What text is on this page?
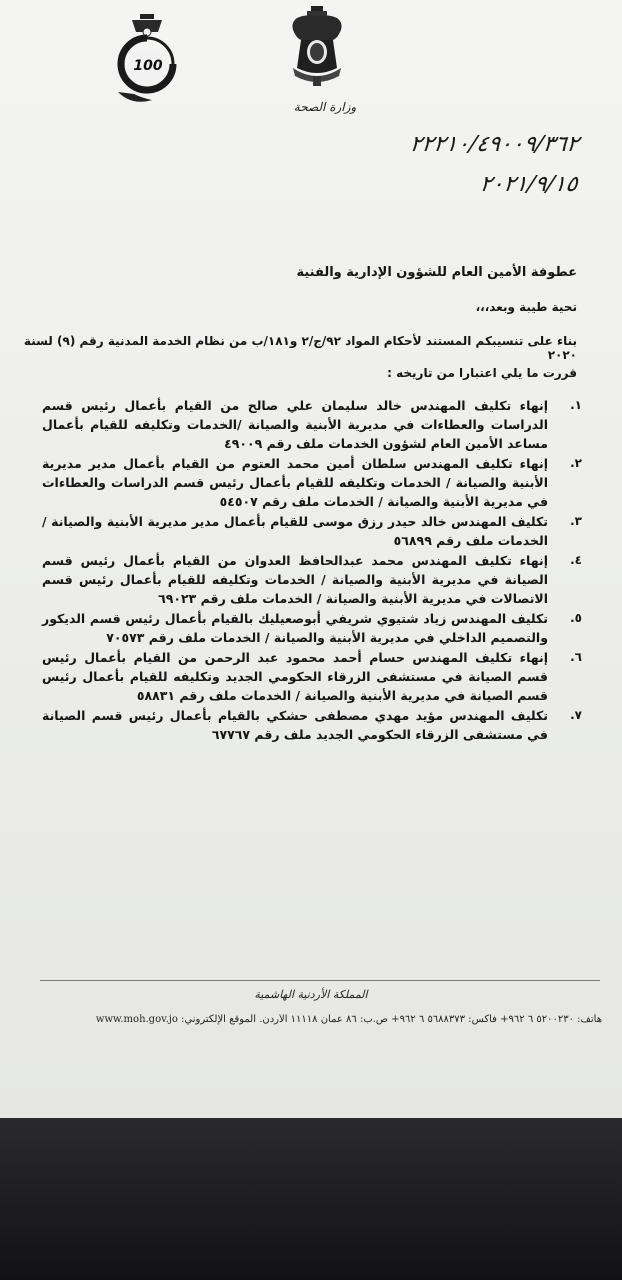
100
وزارة الصحة
٢٢٢١٠/٤٩٠٠٩/٣٦٢
٢٠٢١/٩/١٥
عطوفة الأمين العام للشؤون الإدارية والفنية
تحية طيبة وبعد،،،
بناء على تنسيبكم المستند لأحكام المواد ٩٢/ج/٢ و١٨١/ب من نظام الخدمة المدنية رقم (٩) لسنة ٢٠٢٠
قررت ما يلي اعتبارا من تاريخه :
١.
إنهاء تكليف المهندس خالد سليمان علي صالح من القيام بأعمال رئيس قسم الدراسات والعطاءات في مديرية الأبنية والصيانة /الخدمات وتكليفه للقيام بأعمال مساعد الأمين العام لشؤون الخدمات ملف رقم ٤٩٠٠٩
٢.
إنهاء تكليف المهندس سلطان أمين محمد العتوم من القيام بأعمال مدير مديرية الأبنية والصيانة / الخدمات وتكليفه للقيام بأعمال رئيس قسم الدراسات والعطاءات في مديرية الأبنية والصيانة / الخدمات ملف رقم ٥٤٥٠٧
٣.
تكليف المهندس خالد حيدر رزق موسى للقيام بأعمال مدير مديرية الأبنية والصيانة / الخدمات ملف رقم ٥٦٨٩٩
٤.
إنهاء تكليف المهندس محمد عبدالحافظ العدوان من القيام بأعمال رئيس قسم الصيانة في مديرية الأبنية والصيانة / الخدمات وتكليفه للقيام بأعمال رئيس قسم الاتصالات في مديرية الأبنية والصيانة / الخدمات ملف رقم ٦٩٠٢٣
٥.
تكليف المهندس زياد شتيوي شريفي أبوصعيليك بالقيام بأعمال رئيس قسم الديكور والتصميم الداخلي في مديرية الأبنية والصيانة / الخدمات ملف رقم ٧٠٥٧٣
٦.
إنهاء تكليف المهندس حسام أحمد محمود عبد الرحمن من القيام بأعمال رئيس قسم الصيانة في مستشفى الزرقاء الحكومي الجديد وتكليفه للقيام بأعمال رئيس قسم الصيانة في مديرية الأبنية والصيانة / الخدمات ملف رقم ٥٨٨٣١
٧.
تكليف المهندس مؤيد مهدي مصطفى حشكي بالقيام بأعمال رئيس قسم الصيانة في مستشفى الزرقاء الحكومي الجديد ملف رقم ٦٧٧٦٧
المملكة الأردنية الهاشمية
هاتف: ٥٢٠٠٢٣٠ ٦ ٩٦٢+ فاكس: ٥٦٨٨٣٧٣ ٦ ٩٦٢+ ص.ب: ٨٦ عمان ١١١١٨ الأردن. الموقع الإلكتروني: www.moh.gov.jo
